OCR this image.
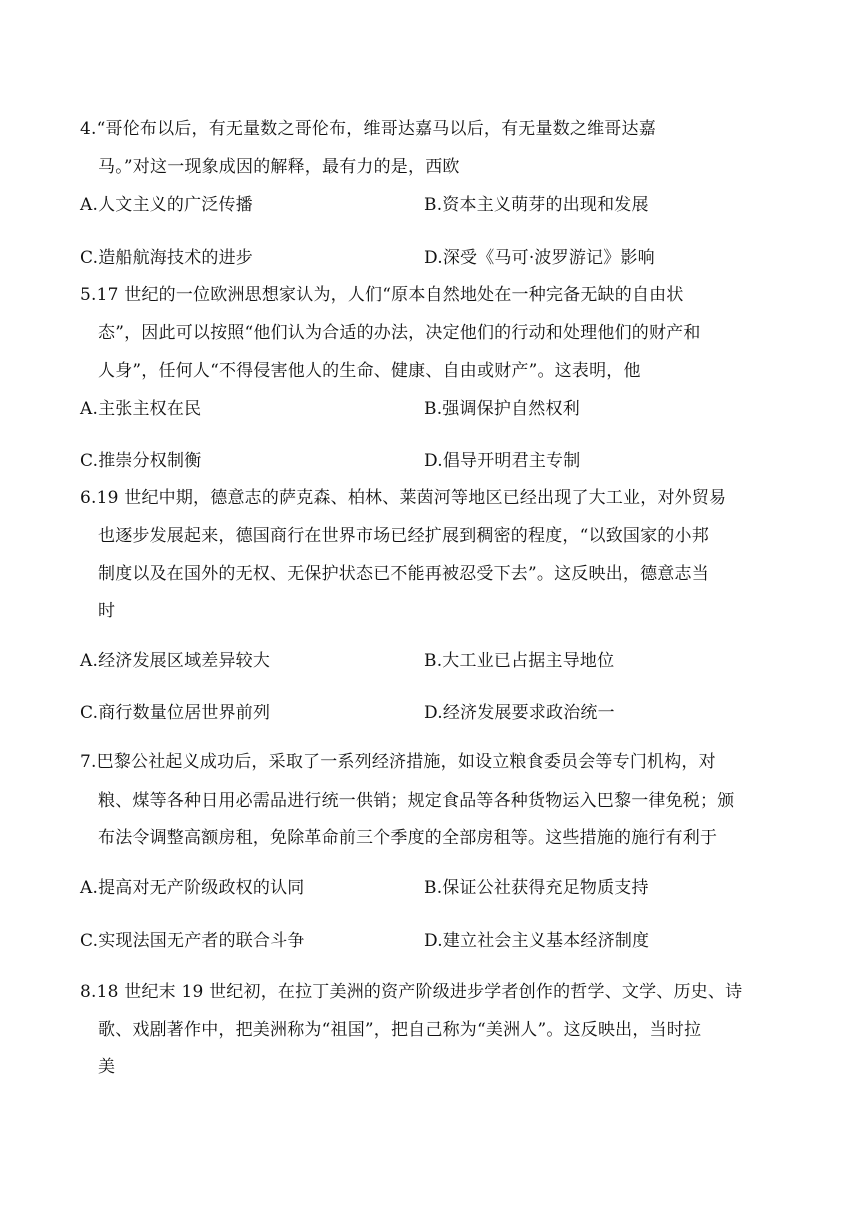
4.“哥伦布以后，有无量数之哥伦布，维哥达嘉马以后，有无量数之维哥达嘉
马。”对这一现象成因的解释，最有力的是，西欧
A.人文主义的广泛传播	B.资本主义萌芽的出现和发展
C.造船航海技术的进步	D.深受《马可·波罗游记》影响
5.17 世纪的一位欧洲思想家认为，人们“原本自然地处在一种完备无缺的自由状
态”，因此可以按照“他们认为合适的办法，决定他们的行动和处理他们的财产和
人身”，任何人“不得侵害他人的生命、健康、自由或财产”。这表明，他
A.主张主权在民	B.强调保护自然权利
C.推崇分权制衡	D.倡导开明君主专制
6.19 世纪中期，德意志的萨克森、柏林、莱茵河等地区已经出现了大工业，对外贸易
也逐步发展起来，德国商行在世界市场已经扩展到稠密的程度，“以致国家的小邦
制度以及在国外的无权、无保护状态已不能再被忍受下去”。这反映出，德意志当
时
A.经济发展区域差异较大	B.大工业已占据主导地位
C.商行数量位居世界前列	D.经济发展要求政治统一
7.巴黎公社起义成功后，采取了一系列经济措施，如设立粮食委员会等专门机构，对
粮、煤等各种日用必需品进行统一供销；规定食品等各种货物运入巴黎一律免税；颁
布法令调整高额房租，免除革命前三个季度的全部房租等。这些措施的施行有利于
A.提高对无产阶级政权的认同	B.保证公社获得充足物质支持
C.实现法国无产者的联合斗争	D.建立社会主义基本经济制度
8.18 世纪末 19 世纪初，在拉丁美洲的资产阶级进步学者创作的哲学、文学、历史、诗
歌、戏剧著作中，把美洲称为“祖国”，把自己称为“美洲人”。这反映出，当时拉
美
